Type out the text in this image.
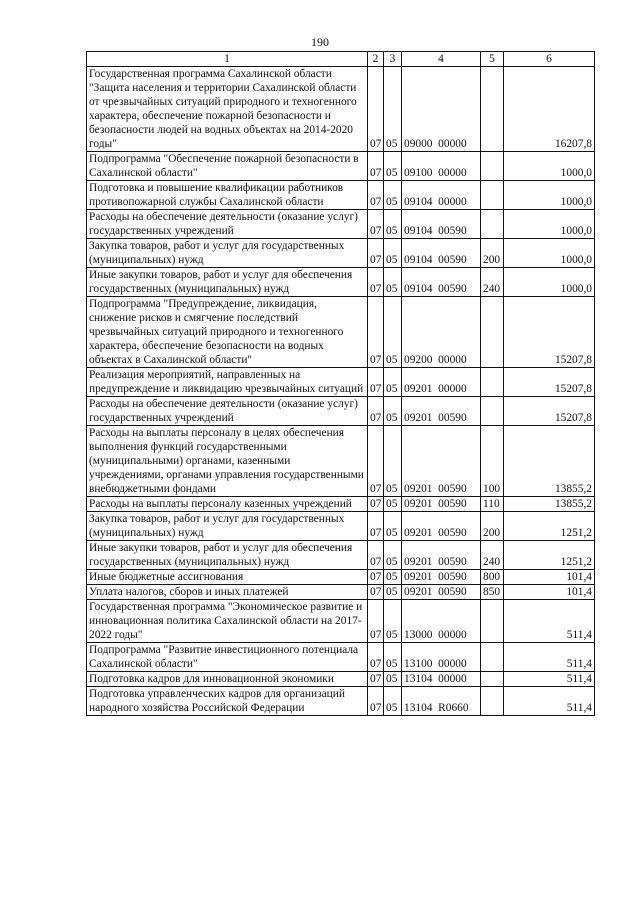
190
1	2	3	4	5	6
Государственная программа Сахалинской области "Защита населения и территории Сахалинской области от чрезвычайных ситуаций природного и техногенного характера, обеспечение пожарной безопасности и безопасности людей на водных объектах на 2014-2020 годы"	07	05	09000  00000		16207,8
Подпрограмма "Обеспечение пожарной безопасности в Сахалинской области"	07	05	09100  00000		1000,0
Подготовка и повышение квалификации работников противопожарной службы Сахалинской области	07	05	09104  00000		1000,0
Расходы на обеспечение деятельности (оказание услуг) государственных учреждений	07	05	09104  00590		1000,0
Закупка товаров, работ и услуг для государственных (муниципальных) нужд	07	05	09104  00590	200	1000,0
Иные закупки товаров, работ и услуг для обеспечения государственных (муниципальных) нужд	07	05	09104  00590	240	1000,0
Подпрограмма "Предупреждение, ликвидация, снижение рисков и смягчение последствий чрезвычайных ситуаций природного и техногенного характера, обеспечение безопасности на водных объектах в Сахалинской области"	07	05	09200  00000		15207,8
Реализация мероприятий, направленных на предупреждение и ликвидацию чрезвычайных ситуаций	07	05	09201  00000		15207,8
Расходы на обеспечение деятельности (оказание услуг) государственных учреждений	07	05	09201  00590		15207,8
Расходы на выплаты персоналу в целях обеспечения выполнения функций государственными (муниципальными) органами, казенными учреждениями, органами управления государственными внебюджетными фондами	07	05	09201  00590	100	13855,2
Расходы на выплаты персоналу казенных учреждений	07	05	09201  00590	110	13855,2
Закупка товаров, работ и услуг для государственных (муниципальных) нужд	07	05	09201  00590	200	1251,2
Иные закупки товаров, работ и услуг для обеспечения государственных (муниципальных) нужд	07	05	09201  00590	240	1251,2
Иные бюджетные ассигнования	07	05	09201  00590	800	101,4
Уплата налогов, сборов и иных платежей	07	05	09201  00590	850	101,4
Государственная программа "Экономическое развитие и инновационная политика Сахалинской области на 2017-2022 годы"	07	05	13000  00000		511,4
Подпрограмма "Развитие инвестиционного потенциала Сахалинской области"	07	05	13100  00000		511,4
Подготовка кадров для инновационной экономики	07	05	13104  00000		511,4
Подготовка управленческих кадров для организаций народного хозяйства Российской Федерации	07	05	13104  R0660		511,4
